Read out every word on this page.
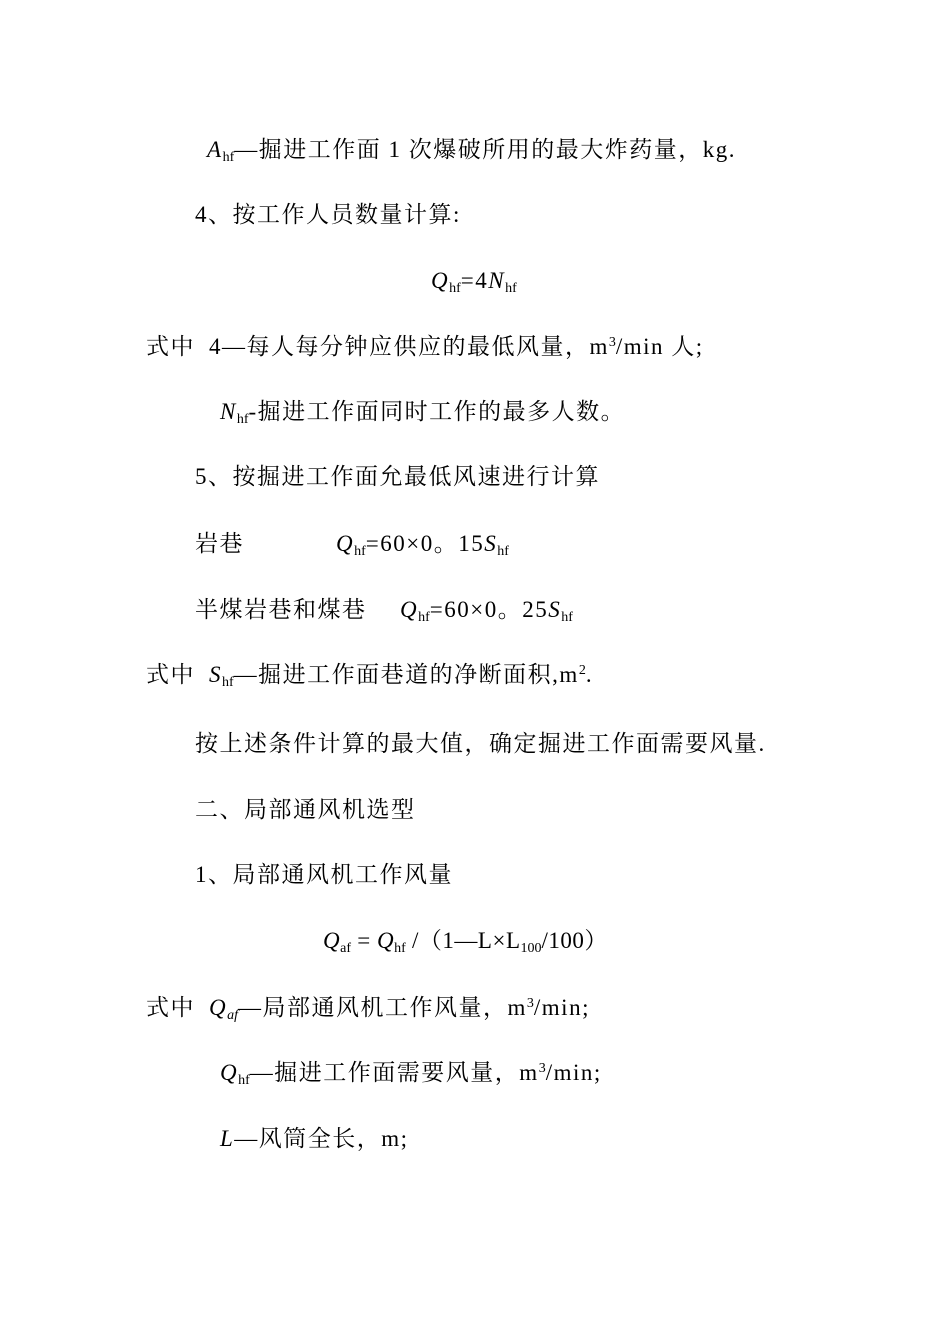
$A_{hf}—$掘进工作面 1 次爆破所用的最大炸药量，kg.
4、按工作人员数量计算:
$Q_{hf}=4N_{hf}$
式中 4—每人每分钟应供应的最低风量，$m^3/\min$ 人;
$N_{hf}-$掘进工作面同时工作的最多人数。
5、按掘进工作面允最低风速进行计算
岩巷	$Q_{hf}=60\times 0$。$15S_{hf}$
半煤岩巷和煤巷 $Q_{hf}=60\times 0$。$25S_{hf}$
式中 $S_{hf}—$掘进工作面巷道的净断面积$,m^2$.
按上述条件计算的最大值，确定掘进工作面需要风量.
二、局部通风机选型
1、局部通风机工作风量
$Q_{af} = Q_{hf}$ $/(1—L\times L_{100}/100)$
式中 $Q_{af}—$局部通风机工作风量，$m^3/\min$;
$Q_{hf}—$掘进工作面需要风量，$m^3/\min$;
L—风筒全长，m;
